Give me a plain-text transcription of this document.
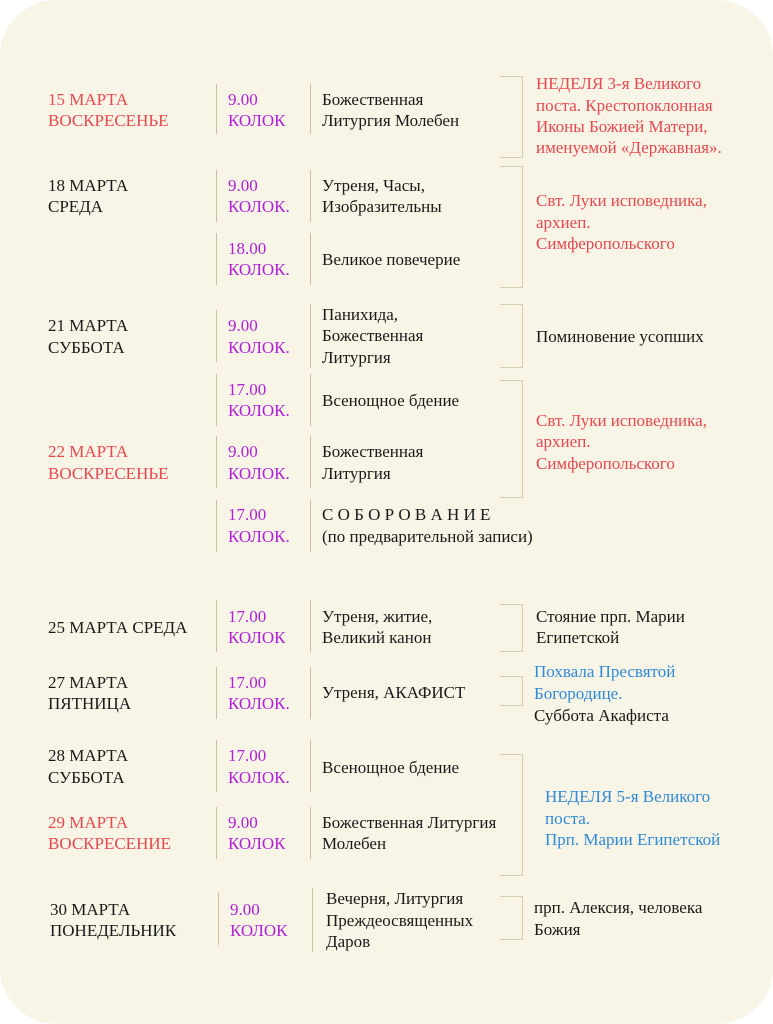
15 МАРТА
ВОСКРЕСЕНЬЕ
9.00
КОЛОК
Божественная
Литургия Молебен
НЕДЕЛЯ 3-я Великого
поста. Крестопоклонная
Иконы Божией Матери,
именуемой «Державная».
18 МАРТА
СРЕДА
9.00
КОЛОК.
Утреня, Часы,
Изобразительны	Свт. Луки исповедника,
архиеп.
Симферопольского
18.00
КОЛОК.
Великое повечерие
21 МАРТА
СУББОТА
9.00
КОЛОК.
Панихида,
Божественная
Литургия
Поминовение усопших
17.00
КОЛОК.
Всенощное бдение
Свт. Луки исповедника,
архиеп.
Симферопольского
22 МАРТА
ВОСКРЕСЕНЬЕ
9.00
КОЛОК.
Божественная
Литургия
17.00
КОЛОК.
С О Б О Р О В А Н И Е
(по предварительной записи)
25 МАРТА СРЕДА
17.00
КОЛОК
Утреня, житие,
Великий канон
Стояние прп. Марии
Египетской
27 МАРТА
ПЯТНИЦА
17.00
КОЛОК.
Утреня, АКАФИСТ
Похвала Пресвятой
Богородице.
Суббота Акафиста
28 МАРТА
СУББОТА
17.00
КОЛОК.
Всенощное бдение
НЕДЕЛЯ 5-я Великого
поста.
Прп. Марии Египетской
29 МАРТА
ВОСКРЕСЕНИЕ
9.00
КОЛОК
Божественная Литургия
Молебен
30 МАРТА
ПОНЕДЕЛЬНИК
9.00
КОЛОК
Вечерня, Литургия
Преждеосвященных
Даров
прп. Алексия, человека
Божия
